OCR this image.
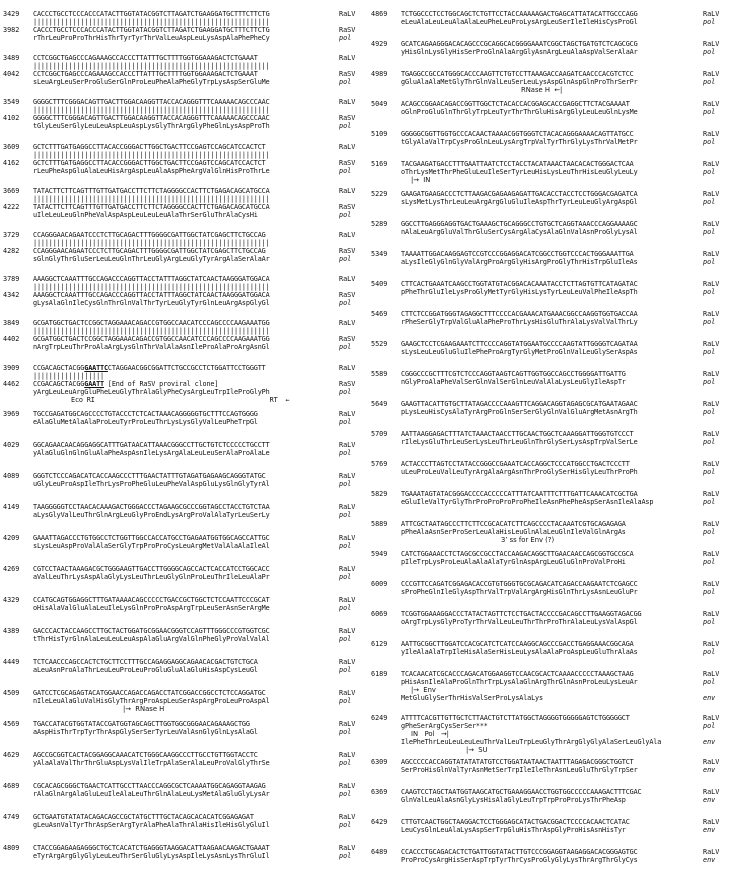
3429	CACCCTGCCTCCCACCCATACTTGGTATACGGTCTTAGATCTGAAGGATGCTTTCTTCTG	RaLV
||||||||||||||||||||||||||||||||||||||||||||||||||||||||||||
3982	CACCCTGCCTCCCACCCATACTTGGTATACGGTCTTAGATCTGAAGGATGCTTTCTTCTG	RaSV
rThrLeuProProThrHisThrTyrTyrThrValLeuAspLeuLysAspAlaPhePheCy	pol
3489	CCTCGGCTGAGCCCAGAAAGCCACCCTTATTTGCTTTTGGTGGAAAGACTCTGAAAT	RaLV
||||||||||||||||||||||||||||||||||||||||||||||||||||||||||||
4042	CCTCGGCTGAGCCCAGAAAGCCACCCTTATTTGCTTTTGGTGGAAAGACTCTGAAAT	RaSV
sLeuArgLeuSerProGluSerGlnProLeuPheAlaPheGlyTrpLysAspSerGluMe	pol
3549	GGGGCTTTCGGGACAGTTGACTTGGACAAGGTTACCACAGGGTTTCAAAAACAGCCCAAC	RaLV
||||||||||||||||||||||||||||||||||||||||||||||||||||||||||||
4102	GGGGCTTTCGGGACAGTTGACTTGGACAAGGTTACCACAGGGTTTCAAAAACAGCCCAAC	RaSV
tGlyLeuSerGlyLeuLeuAspLeuAspLysGlyThrArgGlyPheGlnLysAspProTh	pol
3609	GCTCTTTGATGAGGCCTTACACCGGGACTTGGCTGACTTCCGAGTCCAGCATCCACTCT	RaLV
||||||||||||||||||||||||||||||||||||||||||||||||||||||||||||
4162	GCTCTTTGATGAGGCCTTACACCGGGACTTGGCTGACTTCCGAGTCCAGCATCCACTCT	RaSV
rLeuPheAspGluAlaLeuHisArgAspLeuAlaAspPheArgValGlnHisProThrLe	pol
3669	TATACTTCTTCAGTTTGTTGATGACCTTCTTCTAGGGGCCACTTCTGAGACAGCATGCCA	RaLV
||||||||||||||||||||||||||||||||||||||||||||||||||||||||||||
4222	TATACTTCTTCAGTTTGTTGATGACCTTCTTCTAGGGGCCACTTCTGAGACAGCATGCCA	RaSV
uIleLeuLeuGlnPheValAspAspLeuLeuLeuAlaThrSerGluThrAlaCysHi	pol
3729	CCAGGGAACAGAATCCCTCTTGCAGACTTTGGGGCGATTGGCTATCGAGCTTCTGCCAG	RaLV
||||||||||||||||||||||||||||||||||||||||||||||||||||||||||||
4282	CCAGGGAACAGAATCCCTCTTGCAGACTTTGGGGCGATTGGCTATCGAGCTTCTGCCAG	RaSV
sGlnGlyThrGluSerLeuLeuGlnThrLeuGlyArgLeuGlyTyrArgAlaSerAlaAr	pol
3789	AAAGGCTCAAATTTGCCAGACCCAGGTTACCTATTTAGGCTATCAACTAAGGGATGGACA	RaLV
||||||||||||||||||||||||||||||||||||||||||||||||||||||||||||
4342	AAAGGCTCAAATTTGCCAGACCCAGGTTACCTATTTAGGCTATCAACTAAGGGATGGACA	RaSV
gLysAlaGlnIleCysGlnThrGlnValThrTyrLeuGlyTyrGlnLeuArgAspGlyGl	pol
3849	GCGATGGCTGACTCCGGCTAGGAAACAGACCGTGGCCAACATCCCAGCCCCAAGAAATGG	RaLV
||||||||||||||||||||||||||||||||||||||||||||||||||||||||||||
4402	GCGATGGCTGACTCCGGCTAGGAAACAGACCGTGGCCAACATCCCAGCCCCAAGAAATGG	RaSV
nArgTrpLeuThrProAlaArgLysGlnThrValAlaAsnIleProAlaProArgAsnGl	pol
3909	CCGACAGCTACGGGAATTCCTAGGAACGGCGGATTCTGCCGCCTCTGGATTCCTGGGTT	RaLV
||||||||||||||||||
4462	CCGACAGCTACGGGAATT [End of RaSV proviral clone]	RaSV
yArgLeuLeuArgGluPheLeuGlyThrAlaGlyPheCysArgLeuTrpIleProGlyPh	pol
Eco RI	RT  ←
3969	TGCCGAGATGGCAGCCCCTGTACCCTCTCACTAAACAGGGGGTGCTTTCCAGTGGGG	RaLV
eAlaGluMetAlaAlaProLeuTyrProLeuThrLysLysGlyValLeuPheTrpGl	pol
4029	GGCAGAACAACAGGAGGCATTTGATAACATTAAACGGGCCTTGCTGTCTCCCCCTGCCTT	RaLV
yAlaGluGlnGlnGluAlaPheAspAsnIleLysArgAlaLeuLeuSerAlaProAlaLe	pol
4089	GGGTCTCCCAGACATCACCAAGCCCTTTGAACTATTTGTAGATGAGAAGCAGGGTATGC	RaLV
uGlyLeuProAspIleThrLysProPheGluLeuPheValAspGluLysGlnGlyTyrAl	pol
4149	TAAGGGGGTCCTAACACAAAGACTGGGACCCTAGAAGCGCCCGGTAGCCTACCTGTCTAA	RaLV
aLysGlyValLeuThrGlnArgLeuGlyProEndLysArgProValAlaTyrLeuSerLy	pol
4209	GAAATTAGACCCTGTGGCCTCTGGTTGGCCACCATGCCTGAGAATGGTGGCAGCCATTGC	RaLV
sLysLeuAspProValAlaSerGlyTrpProProCysLeuArgMetValAlaAlaIleAl	pol
4269	CGTCCTAACTAAAGACGCTGGGAAGTTGACCTTGGGGCAGCCACTCACCATCCTGGCACC	RaLV
aValLeuThrLysAspAlaGlyLysLeuThrLeuGlyGlnProLeuThrIleLeuAlaPr	pol
4329	CCATGCAGTGGAGGCTTTGATAAAACAGCCCCCTGACCGCTGGCTCTCCAATTCCCGCAT	RaLV
oHisAlaValGluAlaLeuIleLysGlnProProAspArgTrpLeuSerAsnSerArgMe	pol
4389	GACCCACTACCAAGCCTTGCTACTGGATGCGGAACGGGTCCAGTTTGGGCCCGTGGTCGC	RaLV
tThrHisTyrGlnAlaLeuLeuLeuAspAlaGluArgValGlnPheGlyProValValAl	pol
4449	TCTCAACCCAGCCACTCTGCTTCCTTTGCCAGAGGAGGCAGAACACGACTGTCTGCA	RaLV
aLeuAsnProAlaThrLeuLeuProLeuProGluGluAlaGluHisAspCysLeuGl	pol
4509	GATCCTCGCAGAGTACATGGAACCAGACCAGACCTATCGGACCGGCCTCTCCAGGATGC	RaLV
nIleLeuAlaGluValHisGlyThrArgProAspLeuSerAspArgProLeuProAspAl	pol
|→  RNase H
4569	TGACCATACGTGGTATACCGATGGTAGCAGCTTGGTGGCGGGAACAGAAAGCTGG	RaLV
aAspHisThrTrpTyrThrAspGlySerSerTyrLeuValAsnGlyGlnLysAlaGl	pol
4629	AGCCGCGGTCACTACGGAGGCAAACATCTGGGCAAGGCCCTTGCCTGTTGGTACCTC	RaLV
yAlaAlaValThrThrGluAspLysValIleTrpAlaSerAlaLeuProValGlyThrSe	pol
4689	CGCACAGCGGGCTGAACTCATTGCCTTAACCCAGGCGCTCAAAATGGCAGAGGTAAGAG	RaLV
rAlaGlnArgAlaGluLeuIleAlaLeuThrGlnAlaLeuLysMetAlaGluGlyLysAr	pol
4749	GCTGAATGTATATACAGACAGCCGCTATGCTTTGCTACAGCACACATCGGAGAGAT	RaLV
gLeuAsnValTyrThrAspSerArgTyrAlaPheAlaThrAlaHisIleHisGlyGluIl	pol
4809	CTACCGGAGAAGAGGGCTGCTCACATCTGAGGGTAAGGACATTAAGAACAAGACTGAAAT	RaLV
eTyrArgArgGlyGlyLeuLeuThrSerGluGlyLysAspIleLysAsnLysThrGluIl	pol
4869	TCTGGCCCTCCTGGCAGCTCTGTTCCTACCAAAAAGACTGAGCATTATACATTGCCCAGG	RaLV
eLeuAlaLeuLeuAlaAlaLeuPheLeuProLysArgLeuSerIleIleHisCysProGl	pol
4929	GCATCAGAAGGGACACAGCCCGCAGGCACGGGGAAATCGGCTAGCTGATGTCTCAGCGCG	RaLV
yHisGlnLysGlyHisSerProGlnAlaArgGlyAsnArgLeuAlaAspValSerAlaAr	pol
4989	TGAGGCCGCCATGGGCACCCAAGTTCTGTCCTTAAAGACCAAGATCAACCCACGTCTCC	RaLV
gGluAlaAlaMetGlyThrGlnValLeuSerLeuLysAspGlnAspGlnProThrSerPr	pol
RNase H  ←|
5049	ACAGCCGGAACAGACCGGTTGGCTCTACACCACGGAGCACCGAGGCTTCTACGAAAAT	RaLV
oGlnProGluGlnThrGlyTrpLeuTyrThrThrGluHisArgGlyLeuLeuGlnLysMe	pol
5109	GGGGGCGGTTGGTGCCCACAACTAAAACGGTGGGTCTACACAGGGAAAACAGTTATGCC	RaLV
tGlyAlaValTrpCysProGlnLeuLysArgTrpValTyrThrGlyLysThrValMetPr	pol
5169	TACGAAGATGACCTTTGAATTAATCTCCTACCTACATAAACTAACACACTGGGACTCAA	RaLV
oThrLysMetThrPheGluLeuIleSerTyrLeuHisLysLeuThrHisLeuGlyLeuLy	pol
|→  IN
5229	GAAGATGAAGACCCTCTTAAGACGAGAAGAGATTGACACCTACCTCCTGGGACGAGATCA	RaLV
sLysMetLysThrLeuLeuArgArgGluGluIleAspThrTyrLeuLeuGlyArgAspGl	pol
5289	GGCCTTGAGGGAGGTGACTGAAAGCTGCAGGGCCTGTGCTCAGGTAAACCCAGGAAAAGC	RaLV
nAlaLeuArgGluValThrGluSerCysArgAlaCysAlaGlnValAsnProGlyLysAl	pol
5349	TAAAATTGGACAAGGAGTCCGTCCCGGAGGACATCGGCCTGGTCCCACTGGGAAATTGA	RaLV
aLysIleGlyGlnGlyValArgProArgGlyHisArgProGlyThrHisTrpGluIleAs	pol
5409	CTTCACTGAAATCAAGCCTGGTATGTACGGACACAAATACCTCTTAGTGTTCATAGATAC	RaLV
pPheThrGluIleLysProGlyMetTyrGlyHisLysTyrLeuLeuValPheIleAspTh	pol
5469	CTTCTCCGGATGGGTAGAGGCTTTCCCCACGAAACATGAAACGGCCAAGGTGGTGACCAA	RaLV
rPheSerGlyTrpValGluAlaPheProThrLysHisGluThrAlaLysValValThrLy	pol
5529	GAAGCTCCTCGAAGAAATCTTCCCCAGGTATGGAATGCCCCAAGTATTGGGGTCAGATAA	RaLV
sLysLeuLeuGluGluIlePheProArgTyrGlyMetProGlnValLeuGlySerAspAs	pol
5589	CGGGCCCGCTTTCGTCTCCCAGGTAAGTCAGTTGGTGGCCAGCCTGGGGATTGATTG	RaLV
nGlyProAlaPheValSerGlnValSerGlnLeuValAlaLysLeuGlyIleAspTr	pol
5649	GAAGTTACATTGTGCTTATAGACCCCAAAGTTCAGGACAGGTAGAGCGCATGAATAGAAC	RaLV
pLysLeuHisCysAlaTyrArgProGlnSerSerGlyGlnValGluArgMetAsnArgTh	pol
5709	AATTAAGGAGACTTTATCTAAACTAACCTTGCAACTGGCTCAAAGGATTGGGTGTCCCT	RaLV
rIleLysGluThrLeuSerLysLeuThrLeuGlnThrGlySerLysAspTrpValSerLe	pol
5769	ACTACCCTTAGTCCTATACCGGGCCGAAATCACCAGGCTCCCATGGCCTGACTCCCTT	RaLV
uLeuProLeuValLeuTyrArgAlaArgAsnThrProGlySerHisGlyLeuThrProPh	pol
5829	TGAAATAGTATACGGGACCCCACCCCCATTTATCAATTTCTTTGATTCAAACATCGCTGA	RaLV
eGluIleValTyrGlyThrProProProProPheIleAsnPhePheAspSerAsnIleAlaAsp	pol
5889	ATTCGCTAATAGCCCTTCTTCCGCACATCTTCAGCCCCTACAAATCGTGCAGAGAGA	RaLV
pPheAlaAsnSerProSerLeuAlaHisLeuGlnAlaLeuGlnIleValGlnArgAs	pol
3’ ss for Env (?)
5949	CATCTGGAAACCTCTAGCGCCGCCTACCAAGACAGGCTTGAACAACCAGCGGTGCCGCA	RaLV
pIleTrpLysProLeuAlaAlaAlaTyrGlnAspArgLeuGluGlnProValProHi	pol
6009	CCCGTTCCAGATCGGAGACACCGTGTGGGTGCGCAGACATCAGACCAAGAATCTCGAGCC	RaLV
sProPheGlnIleGlyAspThrValTrpValArgArgHisGlnThrLysAsnLeuGluPr	pol
6069	TCGGTGGAAAGGACCCTATACTAGTTCTCCTGACTACCCCGACAGCCTTGAAGGTAGACGG	RaLV
oArgTrpLysGlyProTyrThrValLeuLeuThrThrProThrAlaLeuLysValAspGl	pol
6129	AATTGCGGCTTGGATCCACGCATCTCATCCAAGGCAGCCCGACCTGAGGAAACGGCAGA	RaLV
yIleAlaAlaTrpIleHisAlaSerHisLeuLysAlaAlaProAspLeuGluThrAlaAs	pol
6189	TCACAACATCGCACCCAGACATGGAAGGTCCAACGCACTCAAAACCCCCTAAAGCTAAG	RaLV
pHisAsnIleAlaProGlnThrTrpLysAlaGlnArgThrGlnAsnProLeuLysLeuAr	pol
|→  Env
MetGluGlySerThrHisValSerProLysAlaLys	env
6249	ATTTTCACGTTGTTGCTCTTAACTGTCTTATGGCTAGGGGTGGGGGAGTCTGGGGGCT	RaLV
gPheSerArgCysSerSer***	pol
IN   Pol   →|
IlePheThrLeuLeuLeuLeuThrValLeuTrpLeuGlyThrArgGlyGlyAlaSerLeuGlyAla	env
|→  SU
6309	AGCCCCCACCAGGTATATATATGTCCTGGATAATAACTAATTTAGAGACGGGCTGGTCT	RaLV
SerProHisGlnValTyrAsnMetSerTrpIleIleThrAsnLeuGluThrGlyTrpSer	env
6369	CAAGTCCTAGCTAATGGTAAGCATGCTGAAAGGAACCTGGTGGCCCCCAAAGACTTTCGAC	RaLV
GlnValLeuAlaAsnGlyLysHisAlaGlyLeuTrpTrpProProLysThrPheAsp	env
6429	CTTGTCAACTGGCTAAGGACTCCTGGGAGCATACTGACGGACTCCCCACAACTCATAC	RaLV
LeuCysGlnLeuAlaLysAspSerTrpGluHisThrAspGlyProHisAsnHisTyr	env
6489	CCACCCTGCAGACACTCTGATTGGTATACTTGTCCCGGAGGTAAGAGGACACGGGAGTGC	RaLV
ProProCysArgHisSerAspTrpTyrThrCysProGlyGlyLysThrArgThrGlyCys	env
